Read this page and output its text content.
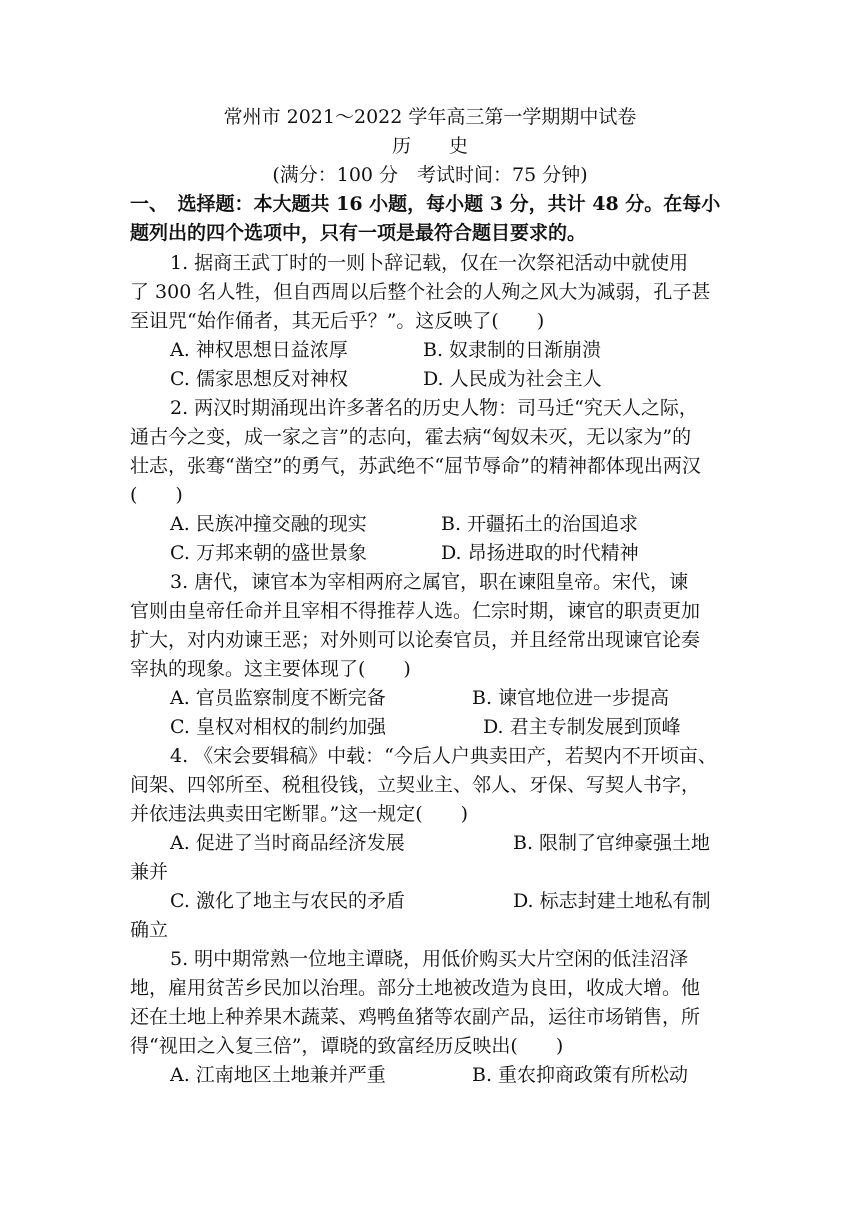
常州市 2021～2022 学年高三第一学期期中试卷
历　　史
(满分：100 分　考试时间：75 分钟)
一、　选择题：本大题共 16 小题，每小题 3 分，共计 48 分。在每小
题列出的四个选项中，只有一项是最符合题目要求的。
1. 据商王武丁时的一则卜辞记载，仅在一次祭祀活动中就使用
了 300 名人牲，但自西周以后整个社会的人殉之风大为减弱，孔子甚
至诅咒“始作俑者，其无后乎？”。这反映了(　　)
A. 神权思想日益浓厚	B. 奴隶制的日渐崩溃
C. 儒家思想反对神权	D. 人民成为社会主人
2. 两汉时期涌现出许多著名的历史人物：司马迁“究天人之际，
通古今之变，成一家之言”的志向，霍去病“匈奴未灭，无以家为”的
壮志，张骞“凿空”的勇气，苏武绝不“屈节辱命”的精神都体现出两汉
(　　)
A. 民族冲撞交融的现实	B. 开疆拓土的治国追求
C. 万邦来朝的盛世景象	D. 昂扬进取的时代精神
3. 唐代，谏官本为宰相两府之属官，职在谏阻皇帝。宋代，谏
官则由皇帝任命并且宰相不得推荐人选。仁宗时期，谏官的职责更加
扩大，对内劝谏王恶；对外则可以论奏官员，并且经常出现谏官论奏
宰执的现象。这主要体现了(　　)
A. 官员监察制度不断完备	B. 谏官地位进一步提高
C. 皇权对相权的制约加强	D. 君主专制发展到顶峰
4. 《宋会要辑稿》中载：“今后人户典卖田产，若契内不开顷亩、
间架、四邻所至、税租役钱，立契业主、邻人、牙保、写契人书字，
并依违法典卖田宅断罪。”这一规定(　　)
A. 促进了当时商品经济发展	B. 限制了官绅豪强土地
兼并
C. 激化了地主与农民的矛盾	D. 标志封建土地私有制
确立
5. 明中期常熟一位地主谭晓，用低价购买大片空闲的低洼沼泽
地，雇用贫苦乡民加以治理。部分土地被改造为良田，收成大增。他
还在土地上种养果木蔬菜、鸡鸭鱼猪等农副产品，运往市场销售，所
得“视田之入复三倍”，谭晓的致富经历反映出(　　)
A. 江南地区土地兼并严重	B. 重农抑商政策有所松动
